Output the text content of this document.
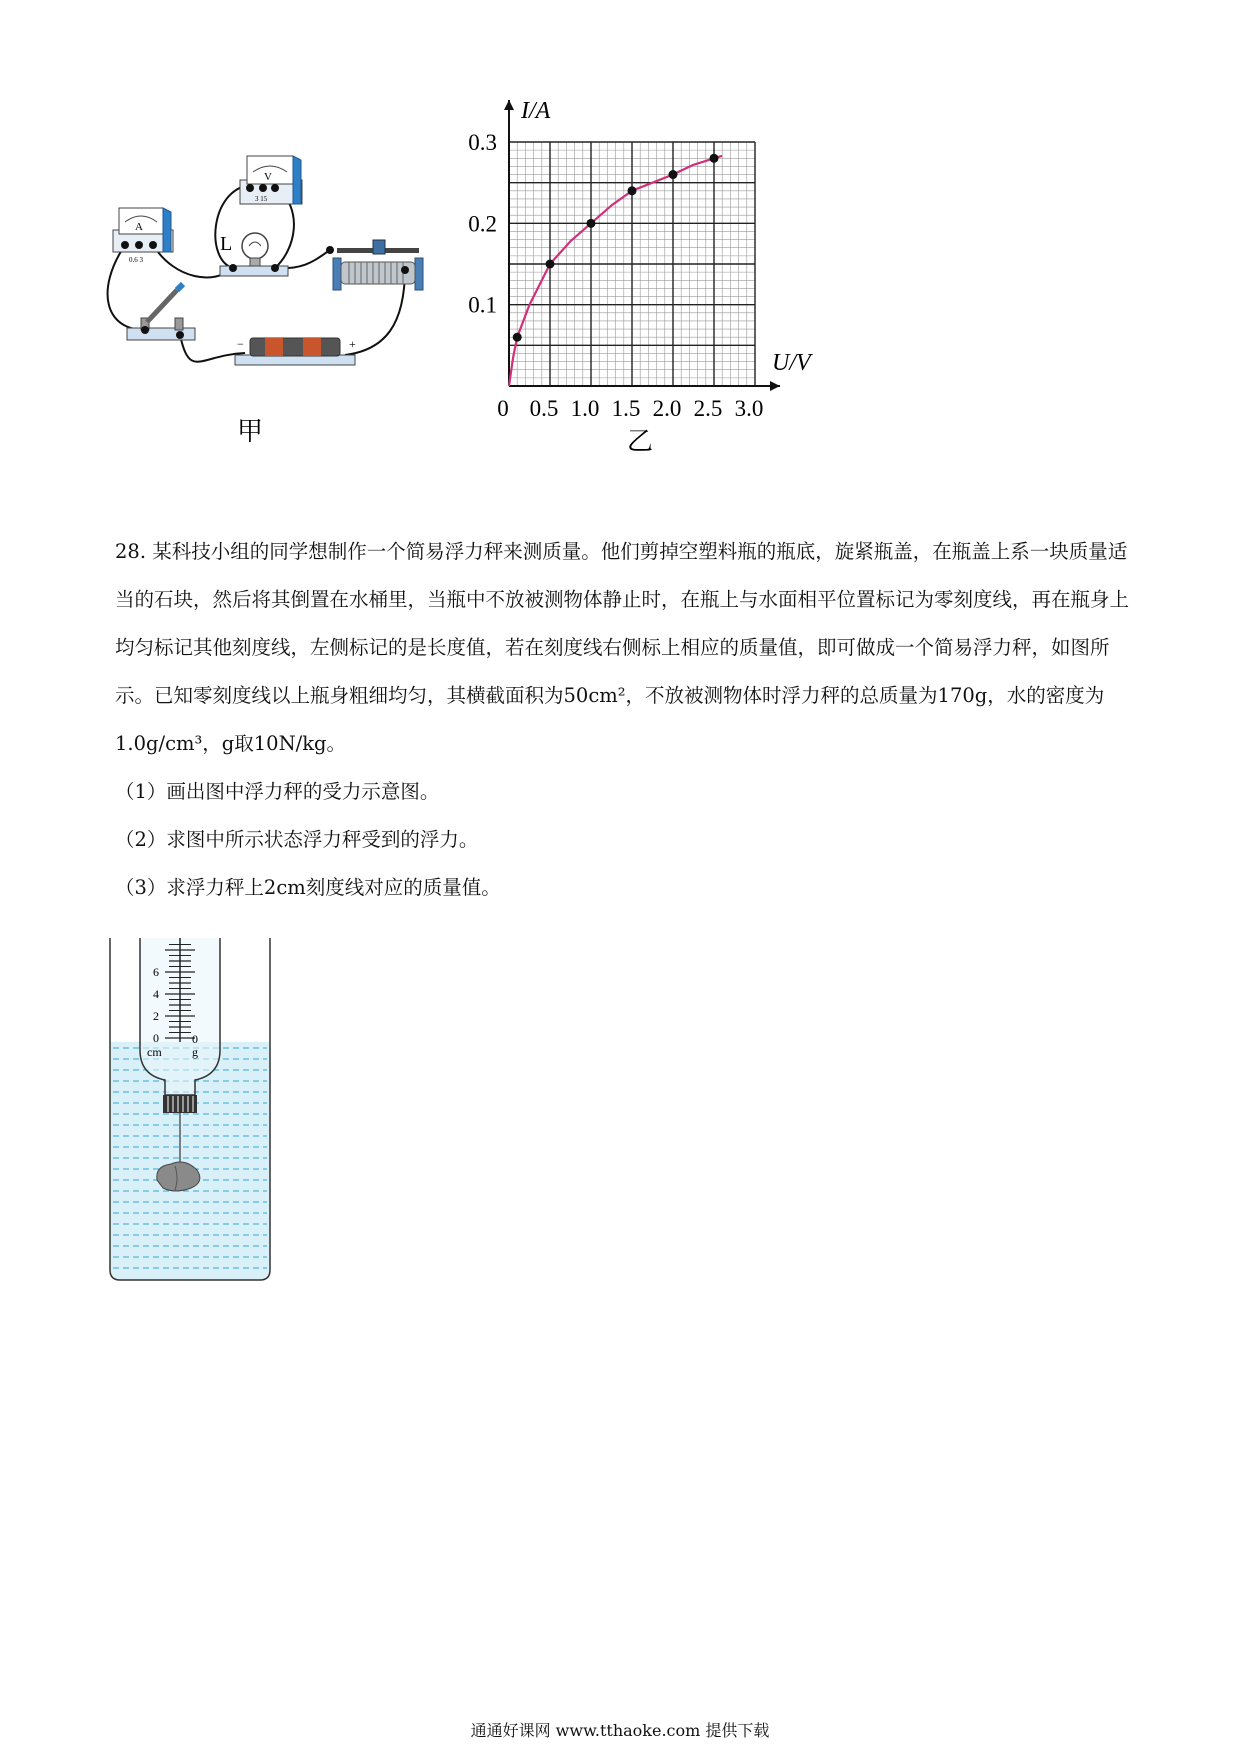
A
0.6 3
V
3 15
L
−	+
甲
I/A
U/V
0 0.5 1.0 1.5 2.0 2.5 3.0
0.1
0.2
0.3
乙

28. 某科技小组的同学想制作一个简易浮力秤来测质量。他们剪掉空塑料瓶的瓶底，旋紧瓶盖，在瓶盖上系一块质量适当的石块，然后将其倒置在水桶里，当瓶中不放被测物体静止时，在瓶上与水面相平位置标记为零刻度线，再在瓶身上均匀标记其他刻度线，左侧标记的是长度值，若在刻度线右侧标上相应的质量值，即可做成一个简易浮力秤，如图所示。已知零刻度线以上瓶身粗细均匀，其横截面积为50cm²，不放被测物体时浮力秤的总质量为170g，水的密度为1.0g/cm³，g取10N/kg。

（1）画出图中浮力秤的受力示意图。

（2）求图中所示状态浮力秤受到的浮力。

（3）求浮力秤上2cm刻度线对应的质量值。

6
4
2
0
cm
0
g
通通好课网 www.tthaoke.com 提供下载
